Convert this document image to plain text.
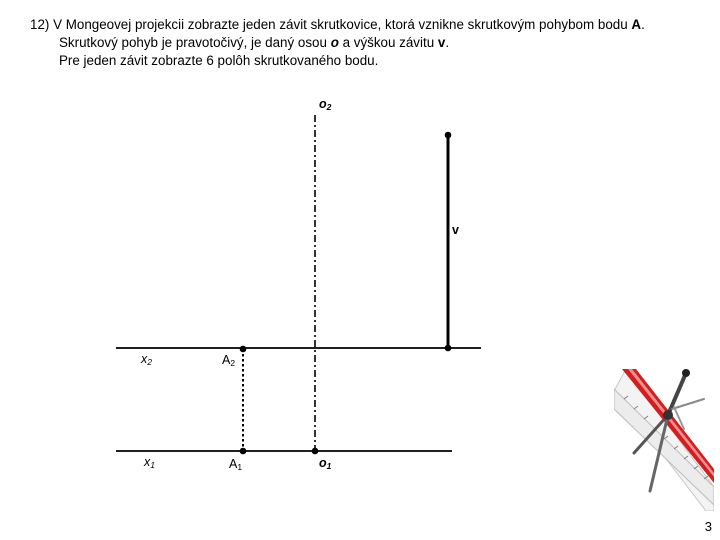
12) V Mongeovej projekcii zobrazte jeden závit skrutkovice, ktorá vznikne skrutkovým pohybom bodu A.
Skrutkový pohyb je pravotočivý, je daný osou o a výškou závitu v.
Pre jeden závit zobrazte 6 polôh skrutkovaného bodu.
o2
v
x2
x1
A2
A1	o1
3
